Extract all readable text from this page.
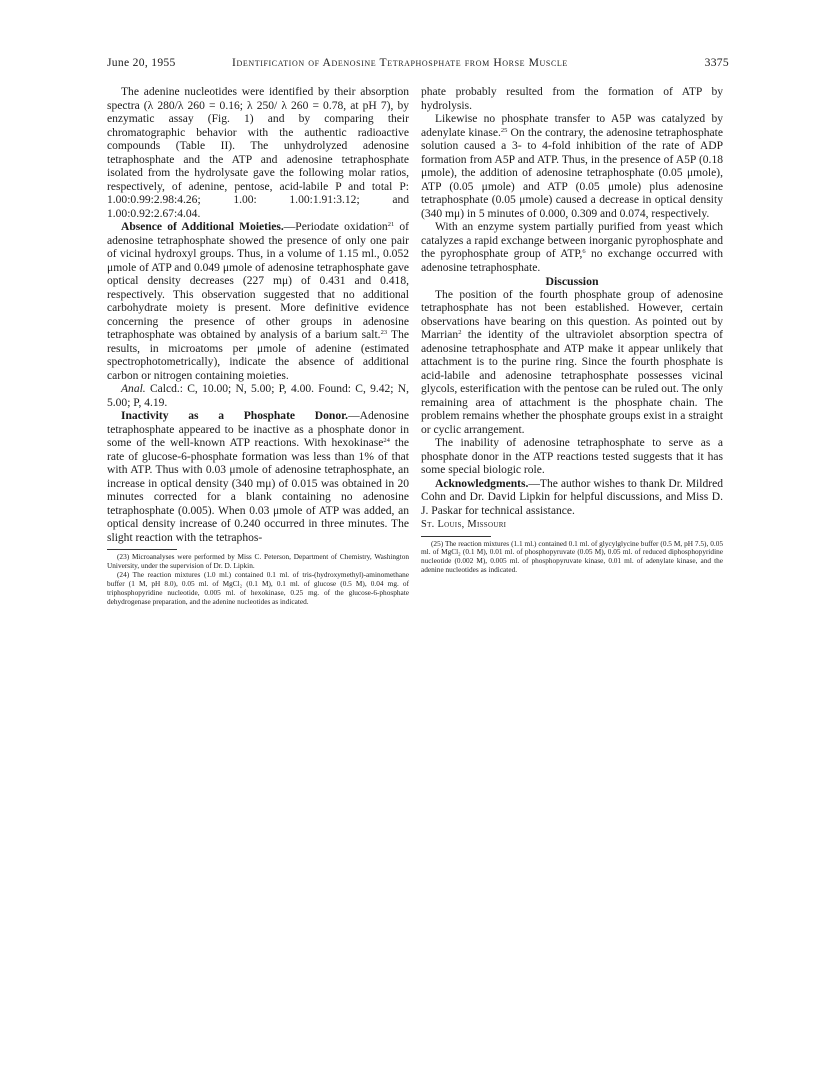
June 20, 1955	Identification of Adenosine Tetraphosphate from Horse Muscle	3375

The adenine nucleotides were identified by their absorption spectra (λ 280/λ 260 = 0.16; λ 250/ λ 260 = 0.78, at pH 7), by enzymatic assay (Fig. 1) and by comparing their chromatographic behavior with the authentic radioactive compounds (Table II). The unhydrolyzed adenosine tetraphosphate and the ATP and adenosine tetraphosphate isolated from the hydrolysate gave the following molar ratios, respectively, of adenine, pentose, acid-labile P and total P: 1.00:0.99:2.98:4.26; 1.00: 1.00:1.91:3.12; and 1.00:0.92:2.67:4.04.

Absence of Additional Moieties.—Periodate oxidation$^{21}$ of adenosine tetraphosphate showed the presence of only one pair of vicinal hydroxyl groups. Thus, in a volume of 1.15 ml., 0.052 μmole of ATP and 0.049 μmole of adenosine tetraphosphate gave optical density decreases (227 mμ) of 0.431 and 0.418, respectively. This observation suggested that no additional carbohydrate moiety is present. More definitive evidence concerning the presence of other groups in adenosine tetraphosphate was obtained by analysis of a barium salt.$^{23}$ The results, in microatoms per μmole of adenine (estimated spectrophotometrically), indicate the absence of additional carbon or nitrogen containing moieties.

Anal. Calcd.: C, 10.00; N, 5.00; P, 4.00. Found: C, 9.42; N, 5.00; P, 4.19.

Inactivity as a Phosphate Donor.—Adenosine tetraphosphate appeared to be inactive as a phosphate donor in some of the well-known ATP reactions. With hexokinase$^{24}$ the rate of glucose-6-phosphate formation was less than 1% of that with ATP. Thus with 0.03 μmole of adenosine tetraphosphate, an increase in optical density (340 mμ) of 0.015 was obtained in 20 minutes corrected for a blank containing no adenosine tetraphosphate (0.005). When 0.03 μmole of ATP was added, an optical density increase of 0.240 occurred in three minutes. The slight reaction with the tetraphos-

(23) Microanalyses were performed by Miss C. Peterson, Department of Chemistry, Washington University, under the supervision of Dr. D. Lipkin.

(24) The reaction mixtures (1.0 ml.) contained 0.1 ml. of tris-(hydroxymethyl)-aminomethane buffer (1 M, pH 8.0), 0.05 ml. of MgCl₂ (0.1 M), 0.1 ml. of glucose (0.5 M), 0.04 mg. of triphosphopyridine nucleotide, 0.005 ml. of hexokinase, 0.25 mg. of the glucose-6-phosphate dehydrogenase preparation, and the adenine nucleotides as indicated.

phate probably resulted from the formation of ATP by hydrolysis.

Likewise no phosphate transfer to A5P was catalyzed by adenylate kinase.$^{25}$ On the contrary, the adenosine tetraphosphate solution caused a 3- to 4-fold inhibition of the rate of ADP formation from A5P and ATP. Thus, in the presence of A5P (0.18 μmole), the addition of adenosine tetraphosphate (0.05 μmole), ATP (0.05 μmole) and ATP (0.05 μmole) plus adenosine tetraphosphate (0.05 μmole) caused a decrease in optical density (340 mμ) in 5 minutes of 0.000, 0.309 and 0.074, respectively.

With an enzyme system partially purified from yeast which catalyzes a rapid exchange between inorganic pyrophosphate and the pyrophosphate group of ATP,$^6$ no exchange occurred with adenosine tetraphosphate.

Discussion

The position of the fourth phosphate group of adenosine tetraphosphate has not been established. However, certain observations have bearing on this question. As pointed out by Marrian$^2$ the identity of the ultraviolet absorption spectra of adenosine tetraphosphate and ATP make it appear unlikely that attachment is to the purine ring. Since the fourth phosphate is acid-labile and adenosine tetraphosphate possesses vicinal glycols, esterification with the pentose can be ruled out. The only remaining area of attachment is the phosphate chain. The problem remains whether the phosphate groups exist in a straight or cyclic arrangement.

The inability of adenosine tetraphosphate to serve as a phosphate donor in the ATP reactions tested suggests that it has some special biologic role.

Acknowledgments.—The author wishes to thank Dr. Mildred Cohn and Dr. David Lipkin for helpful discussions, and Miss D. J. Paskar for technical assistance.

St. Louis, Missouri

(25) The reaction mixtures (1.1 ml.) contained 0.1 ml. of glycylglycine buffer (0.5 M, pH 7.5), 0.05 ml. of MgCl₂ (0.1 M), 0.01 ml. of phosphopyruvate (0.05 M), 0.05 ml. of reduced diphosphopyridine nucleotide (0.002 M), 0.005 ml. of phosphopyruvate kinase, 0.01 ml. of adenylate kinase, and the adenine nucleotides as indicated.
